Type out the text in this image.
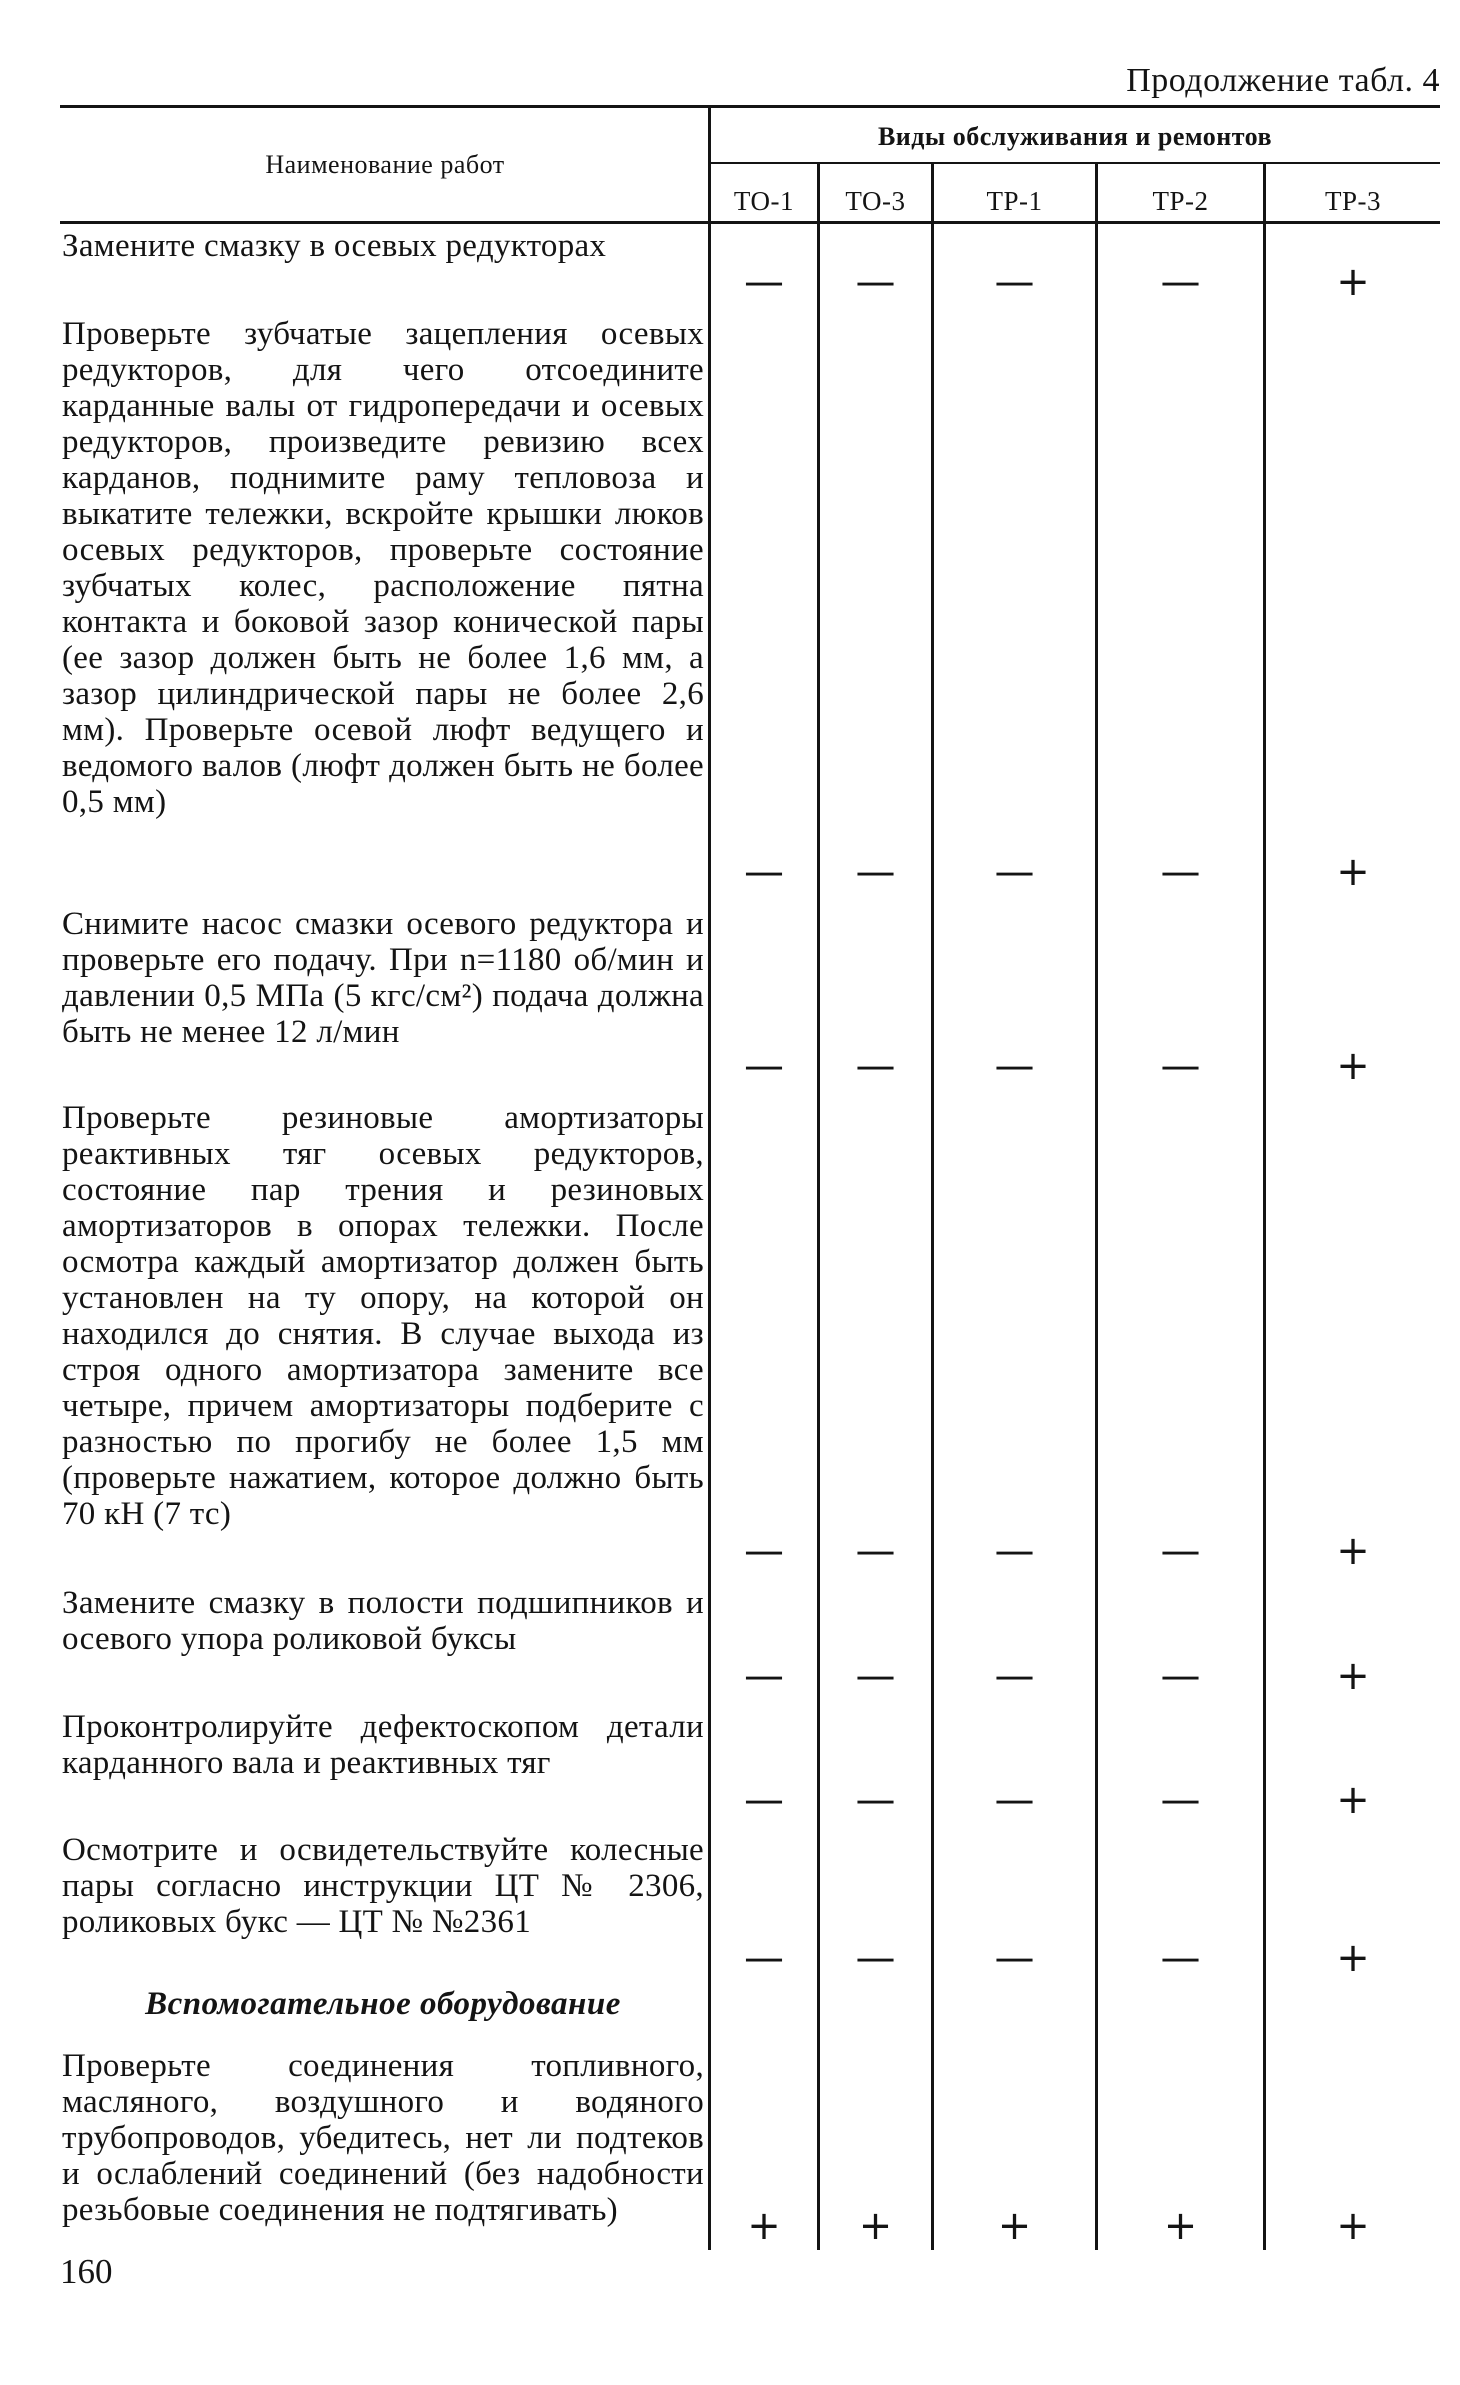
Продолжение табл. 4
Наименование работ
Виды обслуживания и ремонтов
ТО-1	ТО-3	ТР-1	ТР-2	ТР-3
Замените смазку в осевых редукторах
—	—	—	—	+
Проверьте зубчатые зацепления осевых редукторов, для чего отсоедините карданные валы от гидропередачи и осевых редукторов, произведите ревизию всех карданов, поднимите раму тепловоза и выкатите тележки, вскройте крышки люков осевых редукторов, проверьте состояние зубчатых колес, расположение пятна контакта и боковой зазор конической пары (ее зазор должен быть не более 1,6 мм, а зазор цилиндрической пары не более 2,6 мм). Проверьте осевой люфт ведущего и ведомого валов (люфт должен быть не более 0,5 мм)
—	—	—	—	+
Снимите насос смазки осевого редуктора и проверьте его подачу. При n=1180 об/мин и давлении 0,5 МПа (5 кгс/см²) подача должна быть не менее 12 л/мин
—	—	—	—	+
Проверьте резиновые амортизаторы реактивных тяг осевых редукторов, состояние пар трения и резиновых амортизаторов в опорах тележки. После осмотра каждый амортизатор должен быть установлен на ту опору, на которой он находился до снятия. В случае выхода из строя одного амортизатора замените все четыре, причем амортизаторы подберите с разностью по прогибу не более 1,5 мм (проверьте нажатием, которое должно быть 70 кН (7 тс)
—	—	—	—	+
Замените смазку в полости подшипников и осевого упора роликовой буксы
—	—	—	—	+
Проконтролируйте дефектоскопом детали карданного вала и реактивных тяг
—	—	—	—	+
Осмотрите и освидетельствуйте колесные пары согласно инструкции ЦТ № 2306, роликовых букс — ЦТ № №2361
—	—	—	—	+
Вспомогательное оборудование
Проверьте соединения топливного, масляного, воздушного и водяного трубопроводов, убедитесь, нет ли подтеков и ослаблений соединений (без надобности резьбовые соединения не подтягивать)	+	+	+	+	+
160
